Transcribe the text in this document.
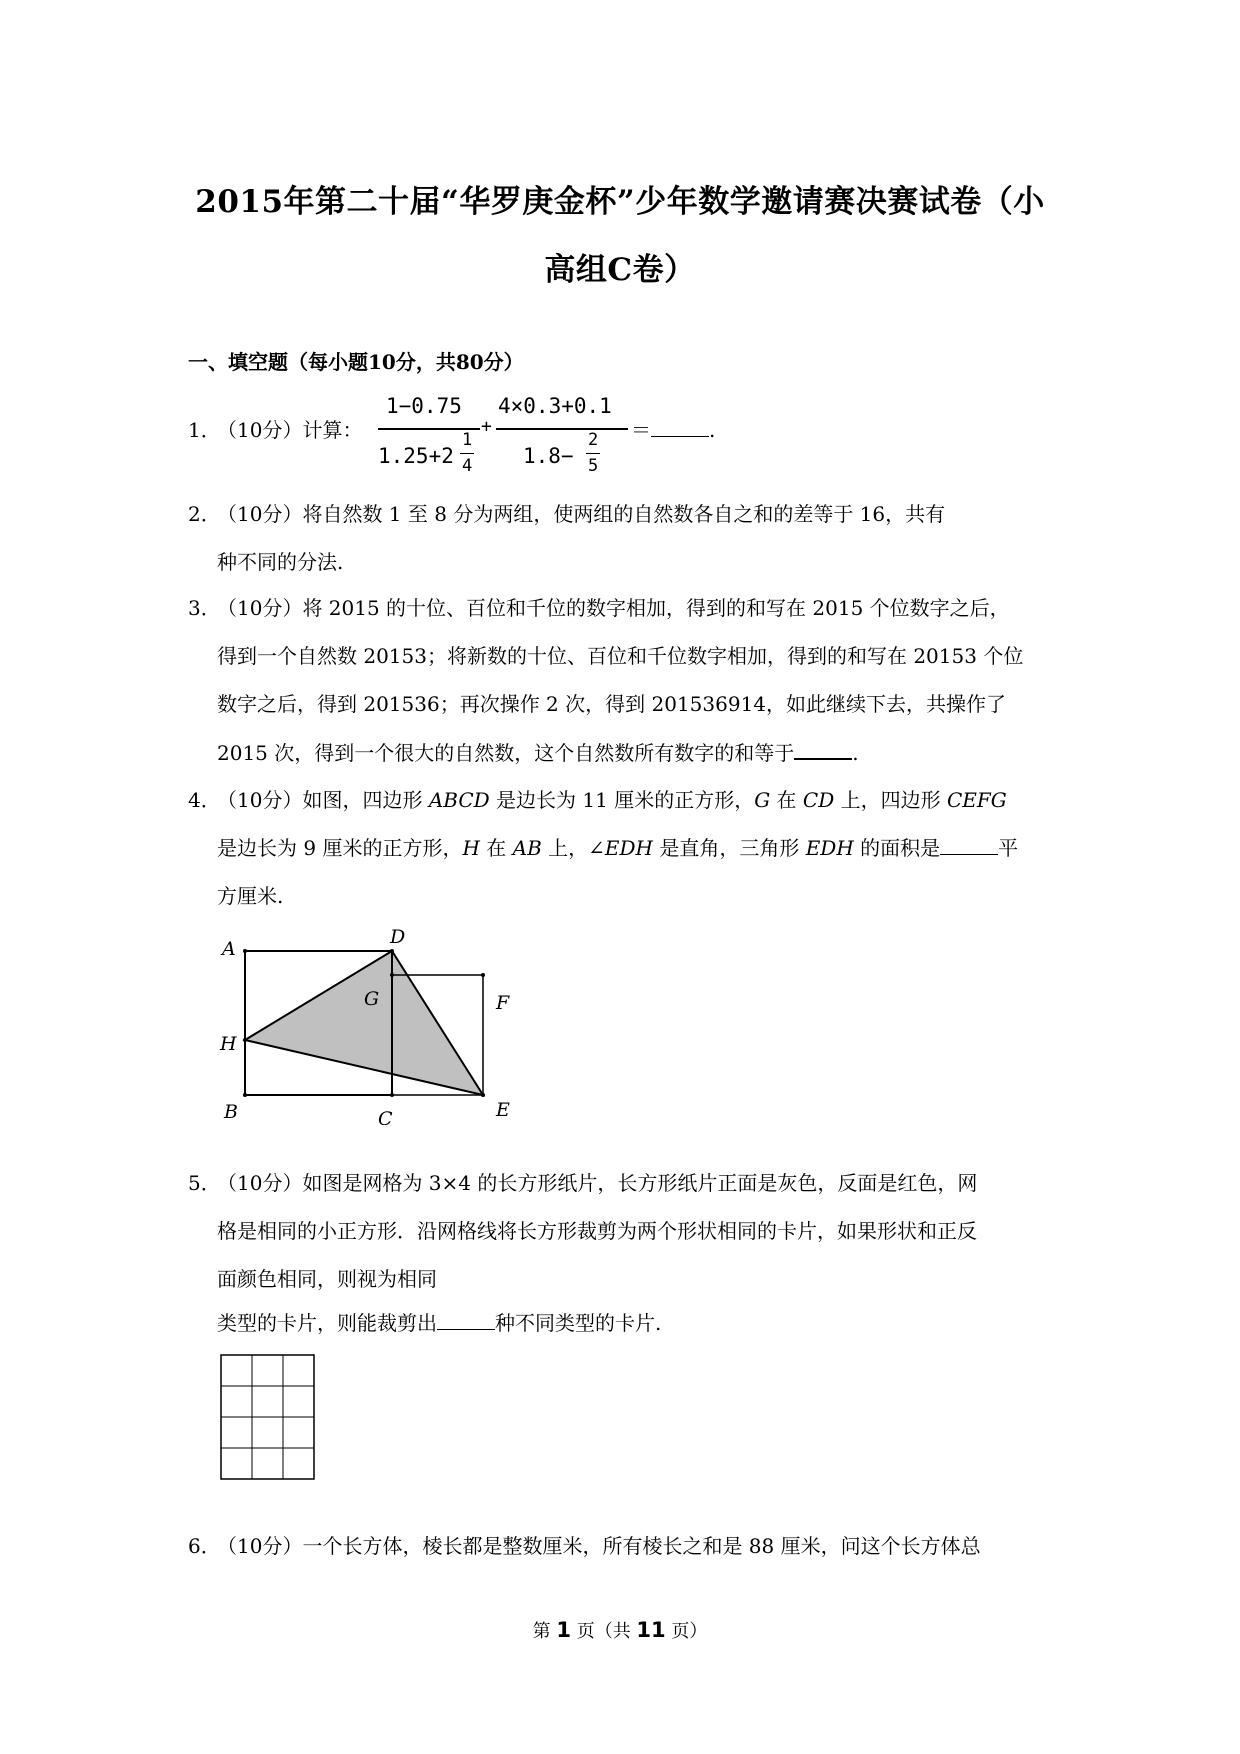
2015年第二十届“华罗庚金杯”少年数学邀请赛决赛试卷（小
高组C卷）
一、填空题（每小题10分，共80分）
1．
（10分）计算：
1−0.75
1.25+2
1
4
+
4×0.3+0.1
1.8−
2
5
＝	.
2．
（10分）将自然数 1 至 8 分为两组，使两组的自然数各自之和的差等于 16，共有
种不同的分法.
3．
（10分）将 2015 的十位、百位和千位的数字相加，得到的和写在 2015 个位数字之后，
得到一个自然数 20153；将新数的十位、百位和千位数字相加，得到的和写在 20153 个位
数字之后，得到 201536；再次操作 2 次，得到 201536914，如此继续下去，共操作了
2015 次，得到一个很大的自然数，这个自然数所有数字的和等于	.
4．
（10分）如图，四边形 ABCD 是边长为 11 厘米的正方形，G 在 CD 上，四边形 CEFG
是边长为 9 厘米的正方形，H 在 AB 上，∠EDH 是直角，三角形 EDH 的面积是	平
方厘米.
A
D
G	F
H
B	C	E
5．
（10分）如图是网格为 3×4 的长方形纸片，长方形纸片正面是灰色，反面是红色，网
格是相同的小正方形．沿网格线将长方形裁剪为两个形状相同的卡片，如果形状和正反
面颜色相同，则视为相同
类型的卡片，则能裁剪出	种不同类型的卡片.
6．
（10分）一个长方体，棱长都是整数厘米，所有棱长之和是 88 厘米，问这个长方体总
第 1 页（共 11 页）
